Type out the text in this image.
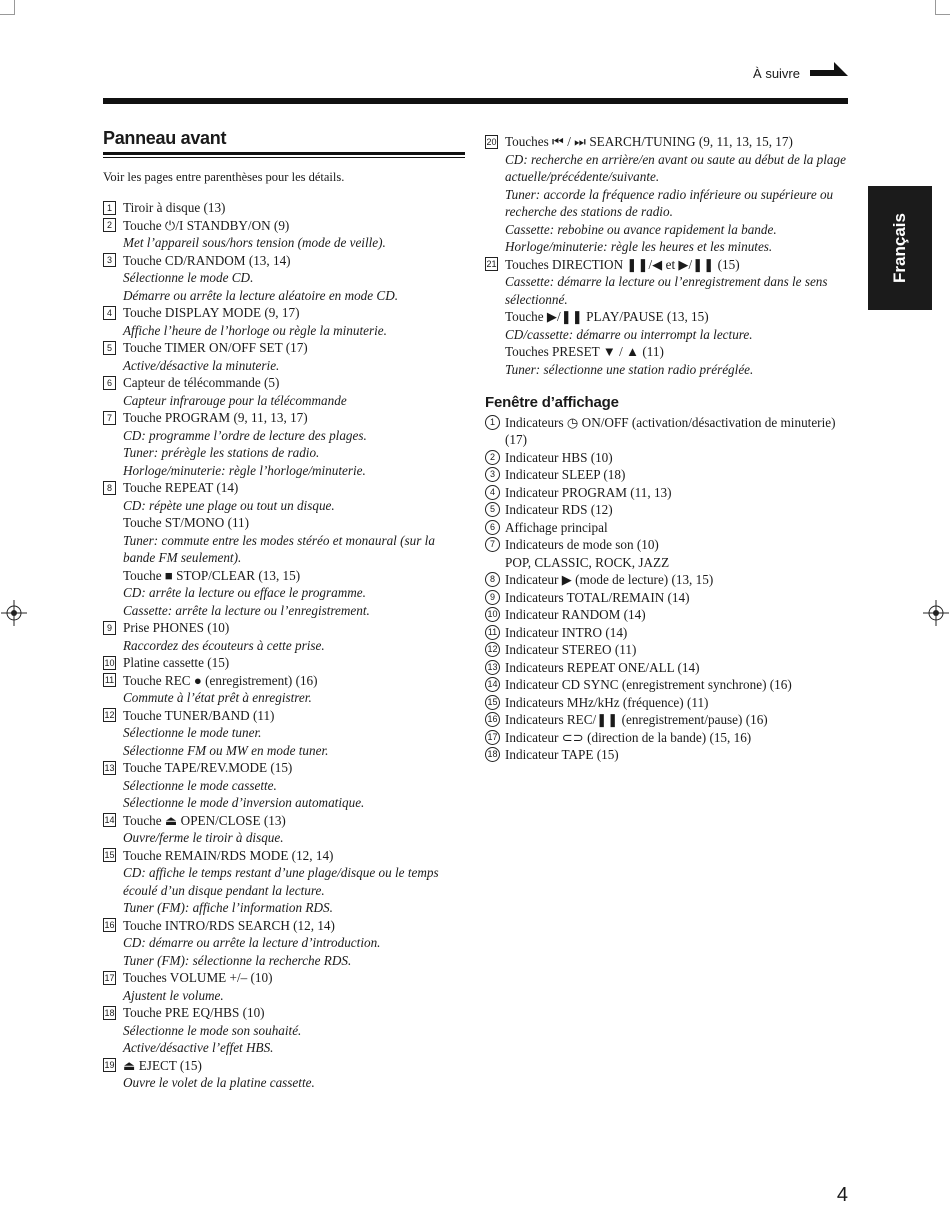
À suivre
Français
Panneau avant
Voir les pages entre parenthèses pour les détails.
1 Tiroir à disque (13)
2 Touche ⏻/I STANDBY/ON (9)
Met l’appareil sous/hors tension (mode de veille).
3 Touche CD/RANDOM (13, 14)
Sélectionne le mode CD.
Démarre ou arrête la lecture aléatoire en mode CD.
4 Touche DISPLAY MODE (9, 17)
Affiche l’heure de l’horloge ou règle la minuterie.
5 Touche TIMER ON/OFF SET (17)
Active/désactive la minuterie.
6 Capteur de télécommande (5)
Capteur infrarouge pour la télécommande
7 Touche PROGRAM (9, 11, 13, 17)
CD: programme l’ordre de lecture des plages.
Tuner: prérègle les stations de radio.
Horloge/minuterie: règle l’horloge/minuterie.
8 Touche REPEAT (14)
CD: répète une plage ou tout un disque.
Touche ST/MONO (11)
Tuner: commute entre les modes stéréo et monaural (sur la bande FM seulement).
Touche ■ STOP/CLEAR (13, 15)
CD: arrête la lecture ou efface le programme.
Cassette: arrête la lecture ou l’enregistrement.
9 Prise PHONES (10)
Raccordez des écouteurs à cette prise.
10 Platine cassette (15)
11 Touche REC ● (enregistrement) (16)
Commute à l’état prêt à enregistrer.
12 Touche TUNER/BAND (11)
Sélectionne le mode tuner.
Sélectionne FM ou MW en mode tuner.
13 Touche TAPE/REV.MODE (15)
Sélectionne le mode cassette.
Sélectionne le mode d’inversion automatique.
14 Touche ⏏ OPEN/CLOSE (13)
Ouvre/ferme le tiroir à disque.
15 Touche REMAIN/RDS MODE (12, 14)
CD: affiche le temps restant d’une plage/disque ou le temps écoulé d’un disque pendant la lecture.
Tuner (FM): affiche l’information RDS.
16 Touche INTRO/RDS SEARCH (12, 14)
CD: démarre ou arrête la lecture d’introduction.
Tuner (FM): sélectionne la recherche RDS.
17 Touches VOLUME +/– (10)
Ajustent le volume.
18 Touche PRE EQ/HBS (10)
Sélectionne le mode son souhaité.
Active/désactive l’effet HBS.
19 ⏏ EJECT (15)
Ouvre le volet de la platine cassette.
20 Touches ⏮ / ⏭ SEARCH/TUNING (9, 11, 13, 15, 17)
CD: recherche en arrière/en avant ou saute au début de la plage actuelle/précédente/suivante.
Tuner: accorde la fréquence radio inférieure ou supérieure ou recherche des stations de radio.
Cassette: rebobine ou avance rapidement la bande.
Horloge/minuterie: règle les heures et les minutes.
21 Touches DIRECTION ❚❚/◀ et ▶/❚❚ (15)
Cassette: démarre la lecture ou l’enregistrement dans le sens sélectionné.
Touche ▶/❚❚ PLAY/PAUSE (13, 15)
CD/cassette: démarre ou interrompt la lecture.
Touches PRESET ▼ / ▲ (11)
Tuner: sélectionne une station radio préréglée.
Fenêtre d’affichage
1 Indicateurs ◷ ON/OFF (activation/désactivation de minuterie) (17)
2 Indicateur HBS (10)
3 Indicateur SLEEP (18)
4 Indicateur PROGRAM (11, 13)
5 Indicateur RDS (12)
6 Affichage principal
7 Indicateurs de mode son (10)
POP, CLASSIC, ROCK, JAZZ
8 Indicateur ▶ (mode de lecture) (13, 15)
9 Indicateurs TOTAL/REMAIN (14)
10 Indicateur RANDOM (14)
11 Indicateur INTRO (14)
12 Indicateur STEREO (11)
13 Indicateurs REPEAT ONE/ALL (14)
14 Indicateur CD SYNC (enregistrement synchrone) (16)
15 Indicateurs MHz/kHz (fréquence) (11)
16 Indicateurs REC/❚❚ (enregistrement/pause) (16)
17 Indicateur ⊂⊃ (direction de la bande) (15, 16)
18 Indicateur TAPE (15)
4
